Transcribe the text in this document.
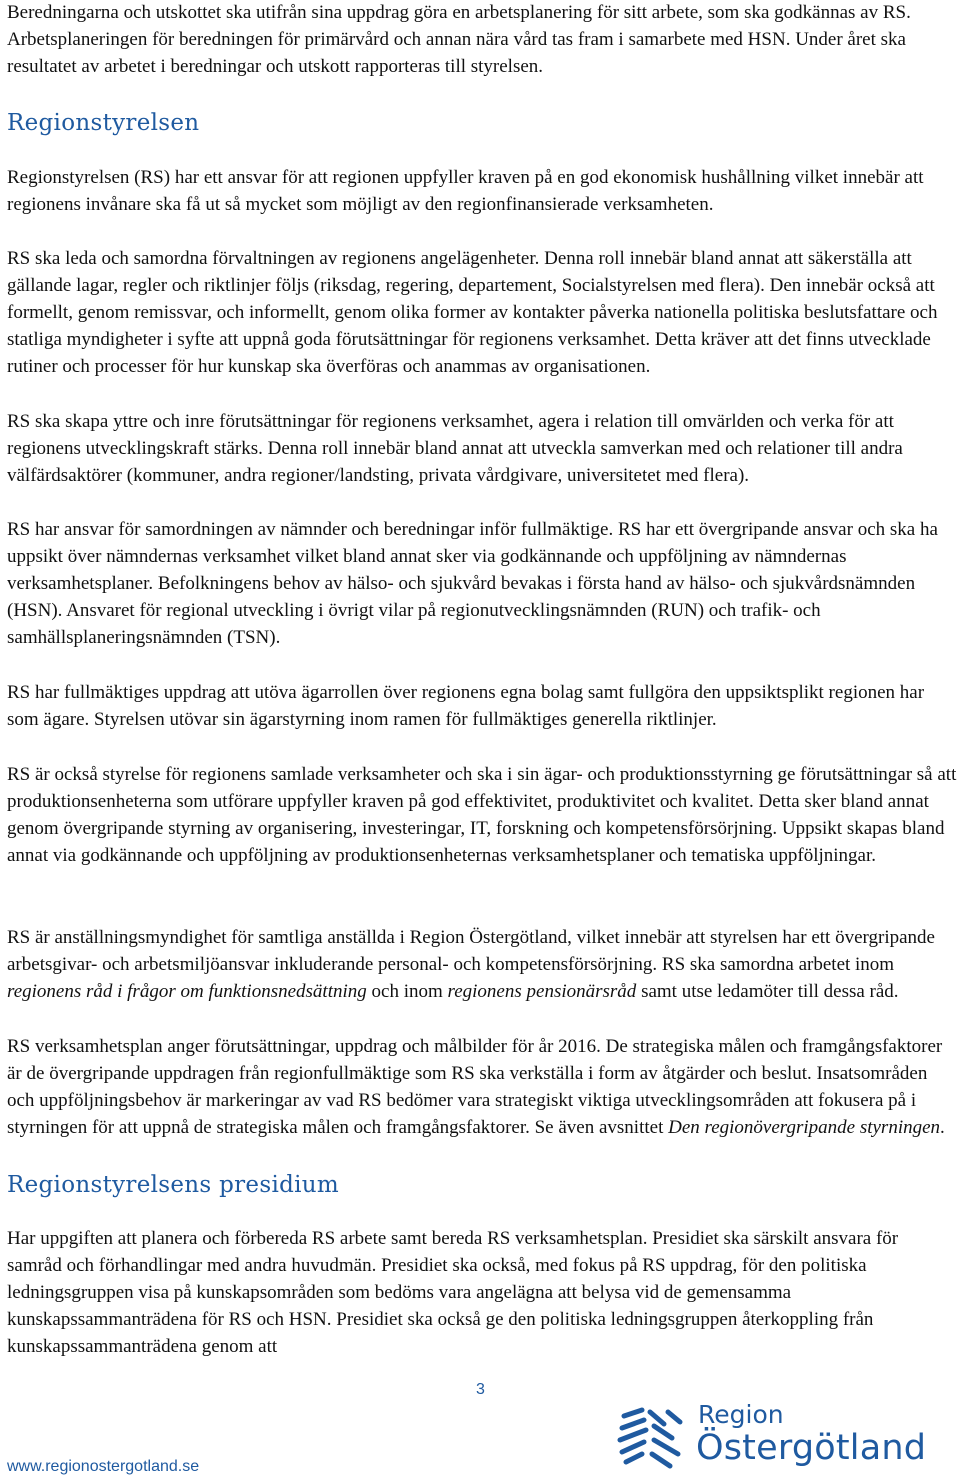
Beredningarna och utskottet ska utifrån sina uppdrag göra en arbetsplanering för sitt arbete, som ska godkännas av RS. Arbetsplaneringen för beredningen för primärvård och annan nära vård tas fram i samarbete med HSN. Under året ska resultatet av arbetet i beredningar och utskott rapporteras till styrelsen.

Regionstyrelsen

Regionstyrelsen (RS) har ett ansvar för att regionen uppfyller kraven på en god ekonomisk hushållning vilket innebär att regionens invånare ska få ut så mycket som möjligt av den regionfinansierade verksamheten.

RS ska leda och samordna förvaltningen av regionens angelägenheter. Denna roll innebär bland annat att säkerställa att gällande lagar, regler och riktlinjer följs (riksdag, regering, departement, Socialstyrelsen med flera). Den innebär också att formellt, genom remissvar, och informellt, genom olika former av kontakter påverka nationella politiska beslutsfattare och statliga myndigheter i syfte att uppnå goda förutsättningar för regionens verksamhet. Detta kräver att det finns utvecklade rutiner och processer för hur kunskap ska överföras och anammas av organisationen.

RS ska skapa yttre och inre förutsättningar för regionens verksamhet, agera i relation till omvärlden och verka för att regionens utvecklingskraft stärks. Denna roll innebär bland annat att utveckla samverkan med och relationer till andra välfärdsaktörer (kommuner, andra regioner/landsting, privata vårdgivare, universitetet med flera).

RS har ansvar för samordningen av nämnder och beredningar inför fullmäktige. RS har ett övergripande ansvar och ska ha uppsikt över nämndernas verksamhet vilket bland annat sker via godkännande och uppföljning av nämndernas verksamhetsplaner. Befolkningens behov av hälso- och sjukvård bevakas i första hand av hälso- och sjukvårdsnämnden (HSN). Ansvaret för regional utveckling i övrigt vilar på regionutvecklingsnämnden (RUN) och trafik- och samhällsplaneringsnämnden (TSN).

RS har fullmäktiges uppdrag att utöva ägarrollen över regionens egna bolag samt fullgöra den uppsiktsplikt regionen har som ägare. Styrelsen utövar sin ägarstyrning inom ramen för fullmäktiges generella riktlinjer.

RS är också styrelse för regionens samlade verksamheter och ska i sin ägar- och produktionsstyrning ge förutsättningar så att produktionsenheterna som utförare uppfyller kraven på god effektivitet, produktivitet och kvalitet. Detta sker bland annat genom övergripande styrning av organisering, investeringar, IT, forskning och kompetensförsörjning. Uppsikt skapas bland annat via godkännande och uppföljning av produktionsenheternas verksamhetsplaner och tematiska uppföljningar.

RS är anställningsmyndighet för samtliga anställda i Region Östergötland, vilket innebär att styrelsen har ett övergripande arbetsgivar- och arbetsmiljöansvar inkluderande personal- och kompetensförsörjning. RS ska samordna arbetet inom regionens råd i frågor om funktionsnedsättning och inom regionens pensionärsråd samt utse ledamöter till dessa råd.

RS verksamhetsplan anger förutsättningar, uppdrag och målbilder för år 2016. De strategiska målen och framgångsfaktorer är de övergripande uppdragen från regionfullmäktige som RS ska verkställa i form av åtgärder och beslut. Insatsområden och uppföljningsbehov är markeringar av vad RS bedömer vara strategiskt viktiga utvecklingsområden att fokusera på i styrningen för att uppnå de strategiska målen och framgångsfaktorer. Se även avsnittet Den regionövergripande styrningen.

Regionstyrelsens presidium

Har uppgiften att planera och förbereda RS arbete samt bereda RS verksamhetsplan. Presidiet ska särskilt ansvara för samråd och förhandlingar med andra huvudmän. Presidiet ska också, med fokus på RS uppdrag, för den politiska ledningsgruppen visa på kunskapsområden som bedöms vara angelägna att belysa vid de gemensamma kunskapssammanträdena för RS och HSN. Presidiet ska också ge den politiska ledningsgruppen återkoppling från kunskapssammanträdena genom att

3
www.regionostergotland.se
Region
Östergötland
